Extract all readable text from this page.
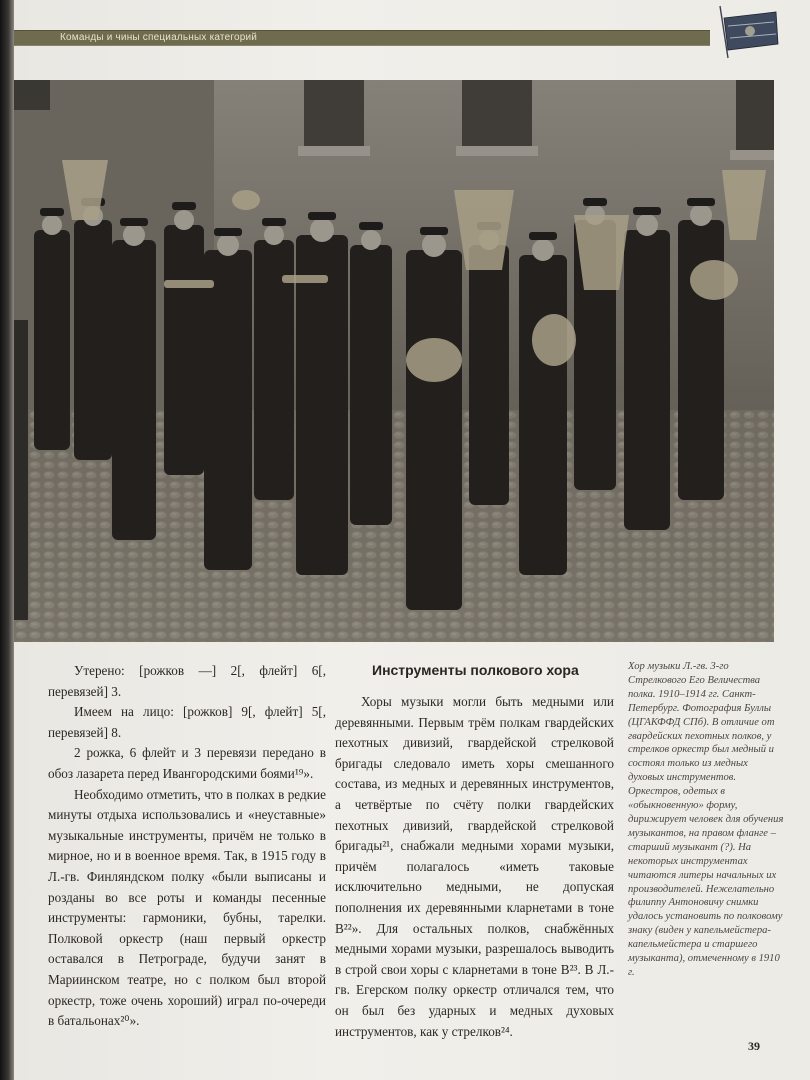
Команды и чины специальных категорий

Утерено: [рожков —] 2[, флейт] 6[, перевязей] 3.

Имеем на лицо: [рожков] 9[, флейт] 5[, перевязей] 8.

2 рожка, 6 флейт и 3 перевязи передано в обоз лазарета перед Ивангородскими боями¹⁹».

Необходимо отметить, что в полках в редкие минуты отдыха использовались и «неуставные» музыкальные инструменты, причём не только в мирное, но и в военное время. Так, в 1915 году в Л.-гв. Финляндском полку «были выписаны и розданы во все роты и команды песенные инструменты: гармоники, бубны, тарелки. Полковой оркестр (наш первый оркестр оставался в Петрограде, будучи занят в Мариинском театре, но с полком был второй оркестр, тоже очень хороший) играл по-очереди в батальонах²⁰».

Инструменты полкового хора

Хоры музыки могли быть медными или деревянными. Первым трём полкам гвардейских пехотных дивизий, гвардейской стрелковой бригады следовало иметь хоры смешанного состава, из медных и деревянных инструментов, а четвёртые по счёту полки гвардейских пехотных дивизий, гвардейской стрелковой бригады²¹, снабжали медными хорами музыки, причём полагалось «иметь таковые исключительно медными, не допуская пополнения их деревянными кларнетами в тоне B²²». Для остальных полков, снабжённых медными хорами музыки, разрешалось выводить в строй свои хоры с кларнетами в тоне B²³. В Л.-гв. Егерском полку оркестр отличался тем, что он был без ударных и медных духовых инструментов, как у стрелков²⁴.

Хор музыки Л.-гв. 3-го Стрелкового Его Величества полка. 1910–1914 гг. Санкт-Петербург. Фотография Буллы (ЦГАКФФД СПб). В отличие от гвардейских пехотных полков, у стрелков оркестр был медный и состоял только из медных духовых инструментов. Оркестров, одетых в «обыкновенную» форму, дирижирует человек для обучения музыкантов, на правом фланге – старший музыкант (?). На некоторых инструментах читаются литеры начальных их производителей. Нежелательно филиппу Антоновичу снимки удалось установить по полковому знаку (виден у капельмейстера-капельмейстера и старшего музыканта), отмеченному в 1910 г.
39
